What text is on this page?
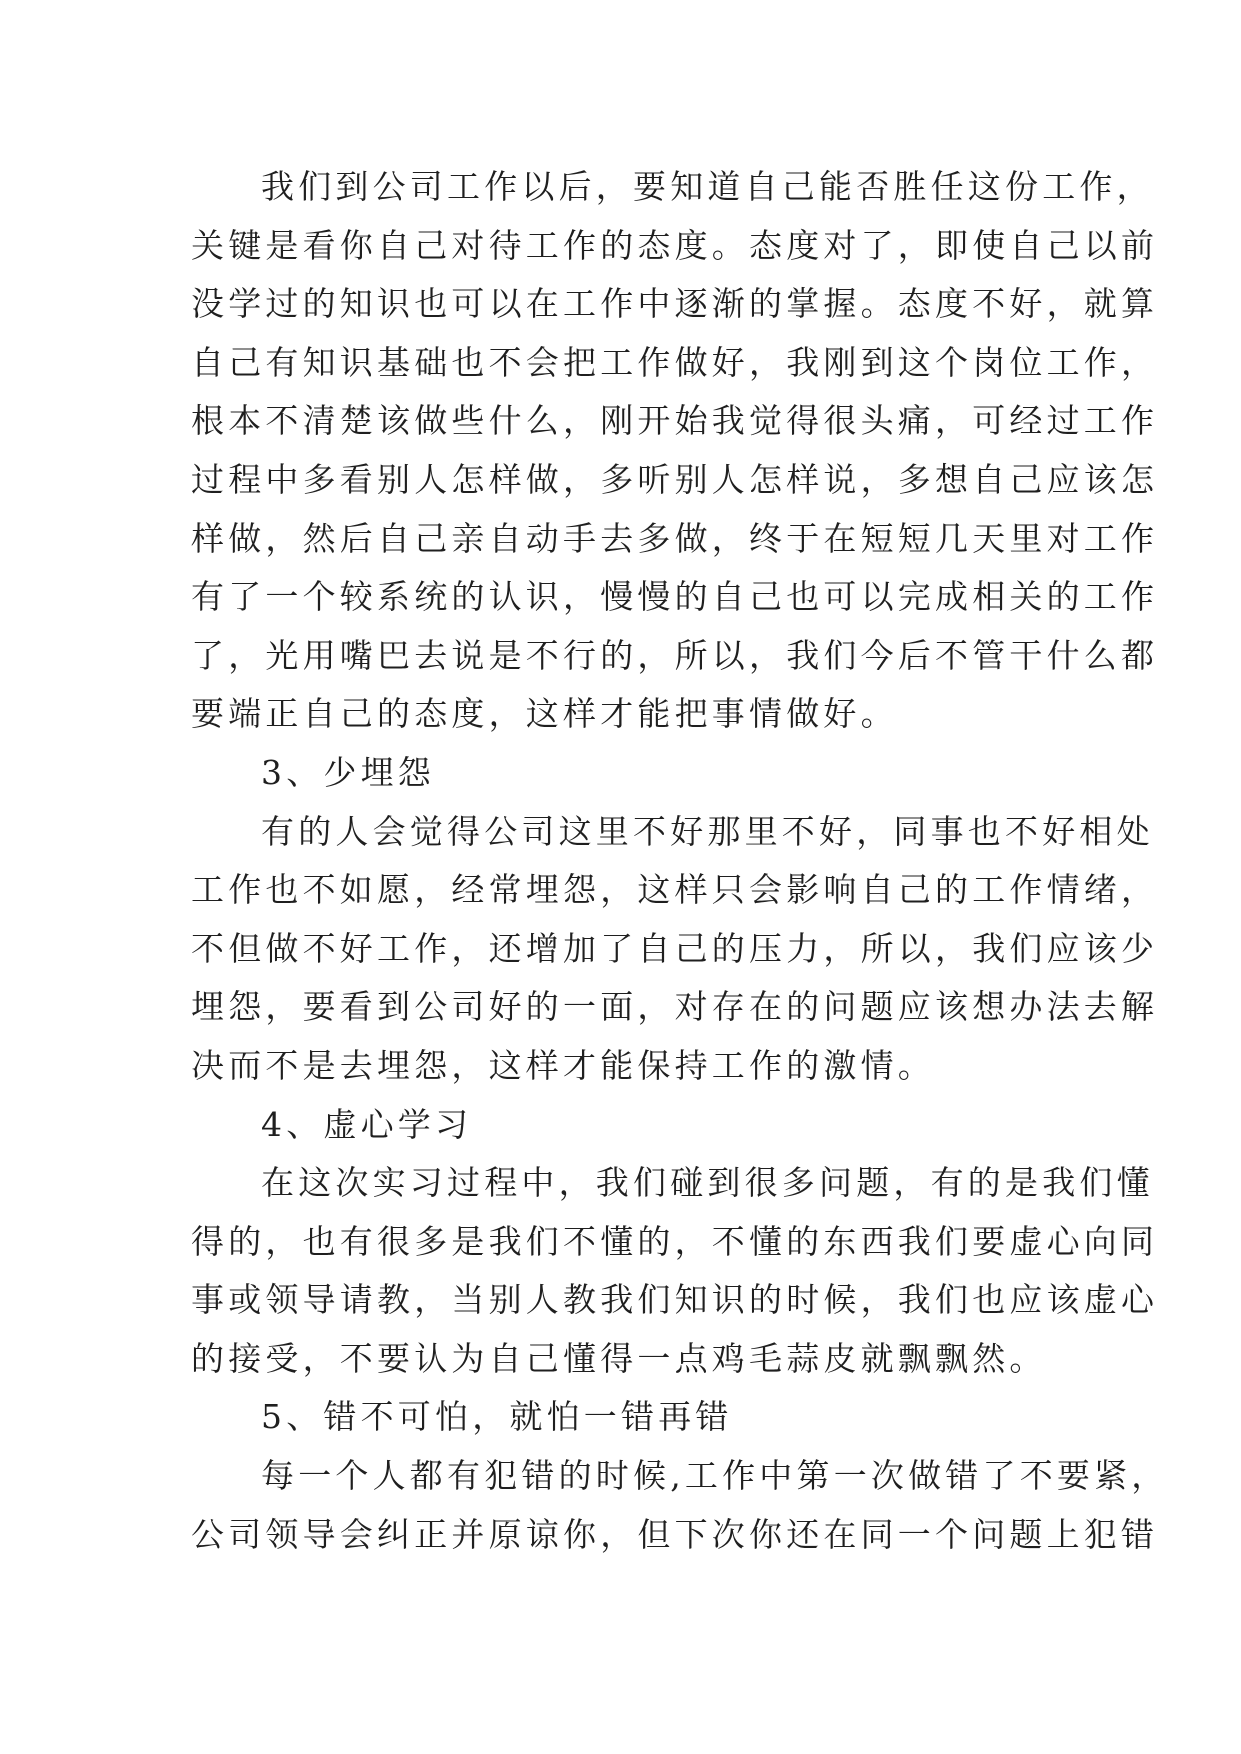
我们到公司工作以后，要知道自己能否胜任这份工作，
关键是看你自己对待工作的态度。态度对了，即使自己以前
没学过的知识也可以在工作中逐渐的掌握。态度不好，就算
自己有知识基础也不会把工作做好，我刚到这个岗位工作，
根本不清楚该做些什么，刚开始我觉得很头痛，可经过工作
过程中多看别人怎样做，多听别人怎样说，多想自己应该怎
样做，然后自己亲自动手去多做，终于在短短几天里对工作
有了一个较系统的认识，慢慢的自己也可以完成相关的工作
了，光用嘴巴去说是不行的，所以，我们今后不管干什么都
要端正自己的态度，这样才能把事情做好。
3、少埋怨
有的人会觉得公司这里不好那里不好，同事也不好相处
工作也不如愿，经常埋怨，这样只会影响自己的工作情绪，
不但做不好工作，还增加了自己的压力，所以，我们应该少
埋怨，要看到公司好的一面，对存在的问题应该想办法去解
决而不是去埋怨，这样才能保持工作的激情。
4、虚心学习
在这次实习过程中，我们碰到很多问题，有的是我们懂
得的，也有很多是我们不懂的，不懂的东西我们要虚心向同
事或领导请教，当别人教我们知识的时候，我们也应该虚心
的接受，不要认为自己懂得一点鸡毛蒜皮就飘飘然。
5、错不可怕，就怕一错再错
每一个人都有犯错的时候,工作中第一次做错了不要紧，
公司领导会纠正并原谅你，但下次你还在同一个问题上犯错
